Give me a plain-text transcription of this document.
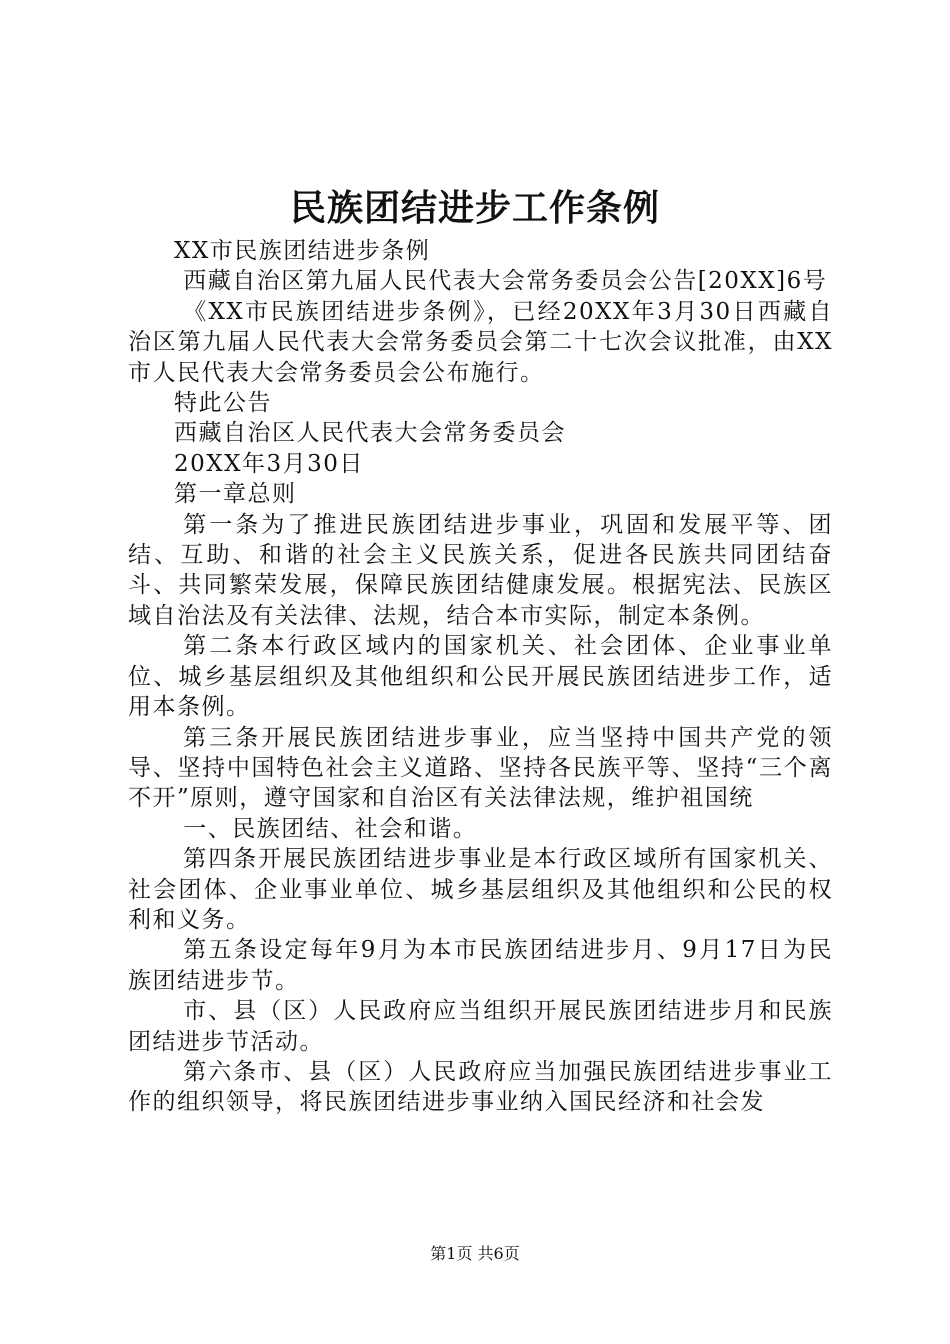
民族团结进步工作条例

XX市民族团结进步条例

西藏自治区第九届人民代表大会常务委员会公告[20XX]6号

《XX市民族团结进步条例》，已经20XX年3月30日西藏自治区第九届人民代表大会常务委员会第二十七次会议批准，由XX市人民代表大会常务委员会公布施行。

特此公告

西藏自治区人民代表大会常务委员会

20XX年3月30日

第一章总则

第一条为了推进民族团结进步事业，巩固和发展平等、团结、互助、和谐的社会主义民族关系，促进各民族共同团结奋斗、共同繁荣发展，保障民族团结健康发展。根据宪法、民族区域自治法及有关法律、法规，结合本市实际，制定本条例。

第二条本行政区域内的国家机关、社会团体、企业事业单位、城乡基层组织及其他组织和公民开展民族团结进步工作，适用本条例。

第三条开展民族团结进步事业，应当坚持中国共产党的领导、坚持中国特色社会主义道路、坚持各民族平等、坚持“三个离不开”原则，遵守国家和自治区有关法律法规，维护祖国统

一、民族团结、社会和谐。

第四条开展民族团结进步事业是本行政区域所有国家机关、社会团体、企业事业单位、城乡基层组织及其他组织和公民的权利和义务。

第五条设定每年9月为本市民族团结进步月、9月17日为民族团结进步节。

市、县（区）人民政府应当组织开展民族团结进步月和民族团结进步节活动。

第六条市、县（区）人民政府应当加强民族团结进步事业工作的组织领导，将民族团结进步事业纳入国民经济和社会发

第1页 共6页
